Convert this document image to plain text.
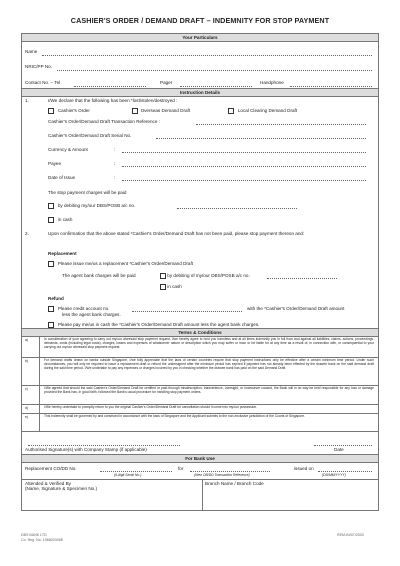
CASHIER'S ORDER / DEMAND DRAFT – INDEMNITY FOR STOP PAYMENT
Your Particulars
Name
NRIC/PP No.
Contact No. – Tel	Pager	Handphone
Instruction Details
1.	I/We declare that the following has been *lost/stolen/destroyed :
Cashier's Order	Overseas Demand Draft	Local Clearing Demand Draft
Cashier's Order/Demand Draft Transaction Reference :
Cashier's Order/Demand Draft Serial No.
Currency & Amount	:
Payee	:
Date of Issue	:
The stop payment charges will be paid
by debiting my/our DBS/POSB a/c no.
in cash
2.	Upon confirmation that the above stated *Cashier's Order/Demand Draft has not been paid, please stop payment thereon and:
Replacement
Please issue me/us a replacement *Cashier's Order/Demand Draft
The agent bank charges will be paid	by debiting of my/our DBS/POSB a/c no.
in cash
Refund
Please credit account no.	with the *Cashier's Order/Demand Draft amount
less the agent bank charges.
Please pay me/us in cash the *Cashier's Order/Demand Draft amount less the agent bank charges.
Terms & Conditions
a)	In consideration of your agreeing to carry out my/our aforesaid stop payment request, I/we hereby agree to hold you harmless and at all times indemnify you in full from and against all liabilities, claims, actions, proceedings, demands, costs (including legal costs), charges, losses and expenses of whatsoever nature or description which you may suffer or incur or be liable for at any time as a result of, in connection with, or consequential to your carrying out my/our aforesaid stop payment request.
b)	For demand drafts drawn on banks outside Singapore, I/we fully appreciate that the laws of certain countries require that stop payment instructions only be effective after a certain minimum time period. Under such circumstances, you will only be required to issue a replacement draft or refund the undersigned after the minimum period has expired if payment has not already been effected by the drawee bank on the said demand draft during the said time period. I/We undertake to pay any expenses or charges incurred by you in checking whether the drawee bank has paid on the said Demand Draft.
c)	I/We agreed that should the said Cashier's Order/Demand Draft be certified or paid through misdescription, inadvertence, oversight, or howsoever caused, the Bank will in no way be held responsible for any loss or damage provided the Bank has, in good faith, followed the Bank's usual procedure for handling stop payment orders.
d)	I/We hereby undertake to promptly return to you the original Cashier's Order/Demand Draft for cancellation should it come into my/our possession.
e)	This Indemnity shall be governed by and construed in accordance with the laws of Singapore and the Applicant submits to the non-exclusive jurisdiction of the Courts of Singapore.
Authorised Signature(s) with Company Stamp (if applicable)	Date
For Bank Use
Replacement CO/DD No.	for	issued on
(6-digit Serial No.)	(New OB/DD Transaction Reference)	(DD/MM/YYYY)
Attended & Verified By
(Name, Signature & Specimen No.)
Branch Name / Branch Code
DBS BANK LTD
Co. Reg. No. 196800306E
REM-IN/07/2003
